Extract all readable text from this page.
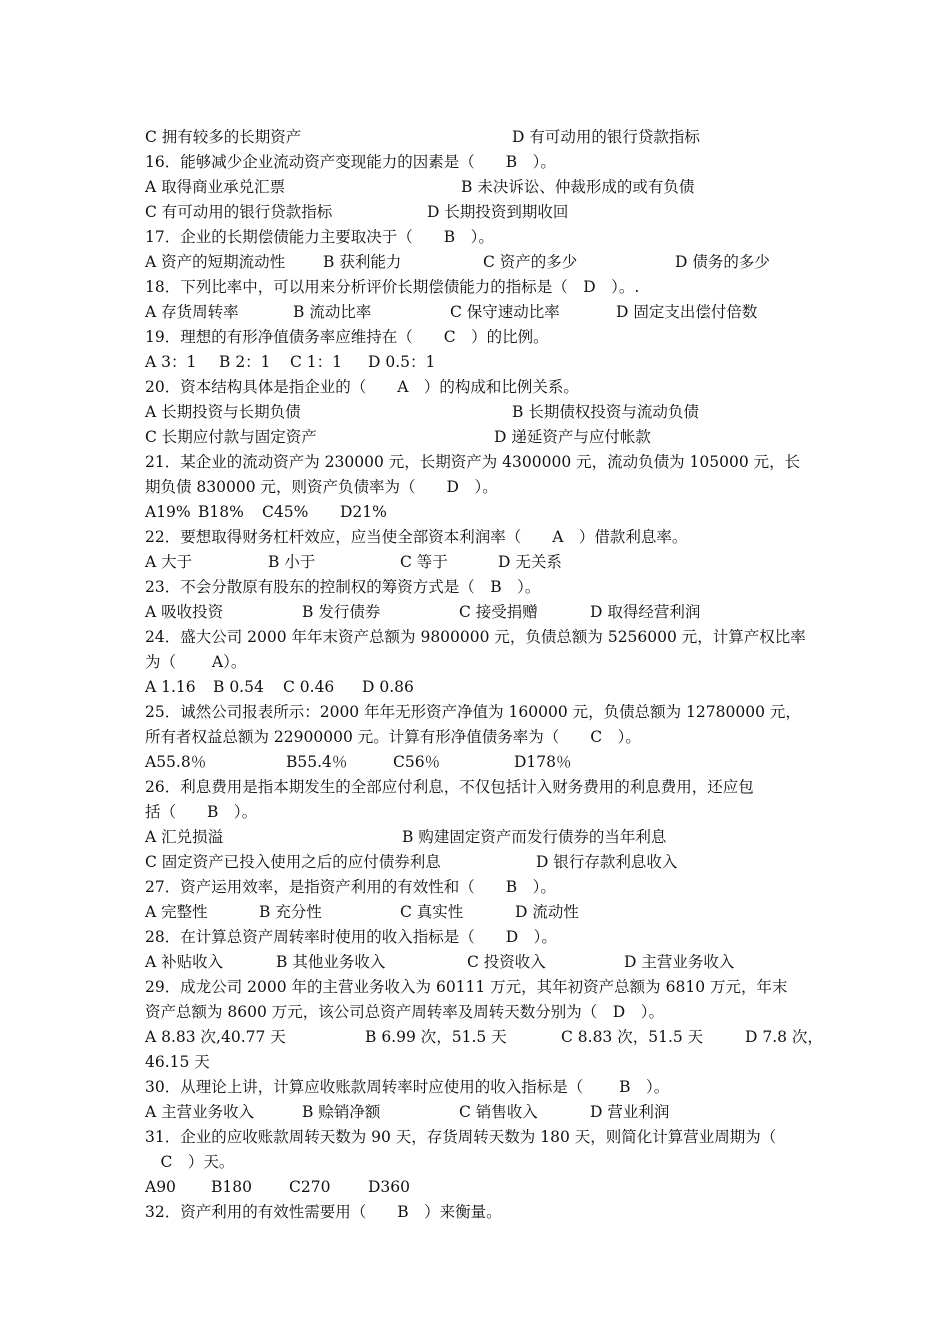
C 拥有较多的长期资产	D 有可动用的银行贷款指标
16．能够减少企业流动资产变现能力的因素是（　　B　）。
A 取得商业承兑汇票	B 未决诉讼、仲裁形成的或有负债
C 有可动用的银行贷款指标	D 长期投资到期收回
17．企业的长期偿债能力主要取决于（　　B　）。
A 资产的短期流动性 B 获利能力	C 资产的多少	D 债务的多少
18．下列比率中，可以用来分析评价长期偿债能力的指标是（　D　）。.
A 存货周转率	B 流动比率	C 保守速动比率	D 固定支出偿付倍数
19．理想的有形净值债务率应维持在（　　C　）的比例。
A 3：1 B 2：1 C 1：1 D 0.5：1
20．资本结构具体是指企业的（　　A　）的构成和比例关系。
A 长期投资与长期负债	B 长期债权投资与流动负债
C 长期应付款与固定资产	D 递延资产与应付帐款
21．某企业的流动资产为 230000 元，长期资产为 4300000 元，流动负债为 105000 元，长
期负债 830000 元，则资产负债率为（　　D　）。
A19% B18% C45% D21%
22．要想取得财务杠杆效应，应当使全部资本利润率（　　A　）借款利息率。
A 大于	B 小于	C 等于	D 无关系
23．不会分散原有股东的控制权的筹资方式是（　B　）。
A 吸收投资	B 发行债券	C 接受捐赠	D 取得经营利润
24．盛大公司 2000 年年末资产总额为 9800000 元，负债总额为 5256000 元，计算产权比率
为（　　 A）。
A 1.16 B 0.54 C 0.46 D 0.86
25．诚然公司报表所示：2000 年年无形资产净值为 160000 元，负债总额为 12780000 元，
所有者权益总额为 22900000 元。计算有形净值债务率为（　　C　）。
A55.8％	B55.4％	C56％	D178％
26．利息费用是指本期发生的全部应付利息，不仅包括计入财务费用的利息费用，还应包
括（　　B　）。
A 汇兑损溢	B 购建固定资产而发行债券的当年利息
C 固定资产已投入使用之后的应付债券利息	D 银行存款利息收入
27．资产运用效率，是指资产利用的有效性和（　　B　）。
A 完整性	B 充分性	C 真实性	D 流动性
28．在计算总资产周转率时使用的收入指标是（　　D　）。
A 补贴收入	B 其他业务收入	C 投资收入	D 主营业务收入
29．成龙公司 2000 年的主营业务收入为 60111 万元，其年初资产总额为 6810 万元，年末
资产总额为 8600 万元，该公司总资产周转率及周转天数分别为（　D　）。
A 8.83 次,40.77 天	B 6.99 次，51.5 天	C 8.83 次，51.5 天	D 7.8 次，
46.15 天
30．从理论上讲，计算应收账款周转率时应使用的收入指标是（　　 B　）。
A 主营业务收入	B 赊销净额	C 销售收入	D 营业利润
31．企业的应收账款周转天数为 90 天，存货周转天数为 180 天，则简化计算营业周期为（
　C　）天。
A90 B180 C270 D360
32．资产利用的有效性需要用（　　B　）来衡量。
